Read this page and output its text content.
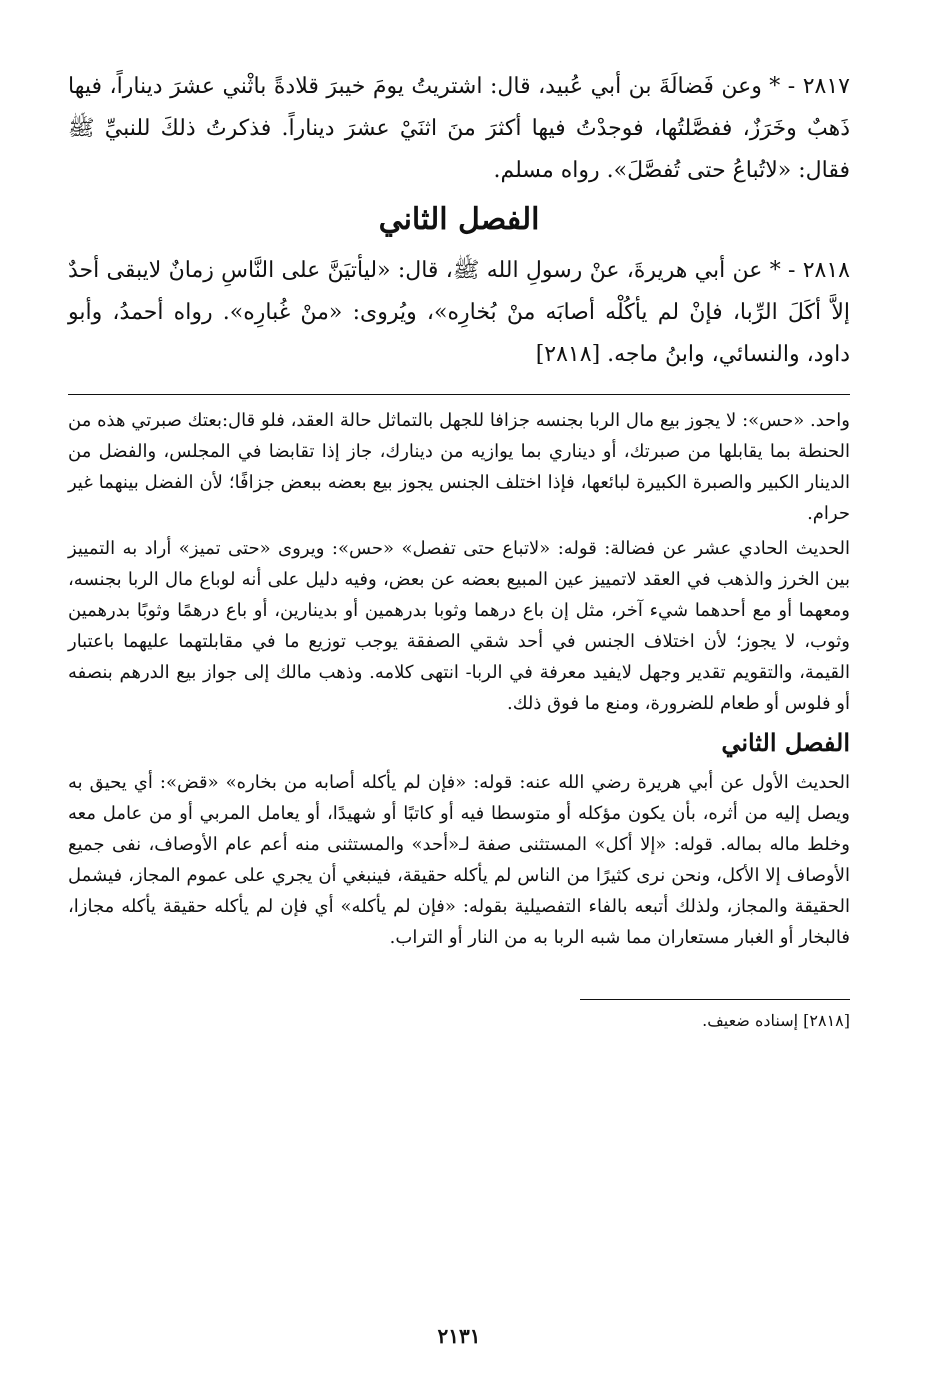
٢٨١٧ - * وعن فَضالَةَ بن أبي عُبيد، قال: اشتريتُ يومَ خيبرَ قلادةً باثْني عشرَ ديناراً، فيها ذَهبٌ وخَرَزٌ، ففصَّلتُها، فوجدْتُ فيها أكثرَ منَ اثنَيْ عشرَ ديناراً. فذكرتُ ذلكَ للنبيِّ ﷺ فقال: «لاتُباعُ حتى تُفصَّلَ». رواه مسلم.

الفصل الثاني

٢٨١٨ - * عن أبي هريرةَ، عنْ رسولِ الله ﷺ، قال: «ليأتيَنَّ على النَّاسِ زمانٌ لايبقى أحدٌ إلاَّ أكَلَ الرِّبا، فإنْ لم يأكُلْه أصابَه منْ بُخارِه»، ويُروى: «منْ غُبارِه». رواه أحمدُ، وأبو داود، والنسائي، وابنُ ماجه. [٢٨١٨]

واحد. «حس»: لا يجوز بيع مال الربا بجنسه جزافا للجهل بالتماثل حالة العقد، فلو قال:بعتك صبرتي هذه من الحنطة بما يقابلها من صبرتك، أو ديناري بما يوازيه من دينارك، جاز إذا تقابضا في المجلس، والفضل من الدينار الكبير والصبرة الكبيرة لبائعها، فإذا اختلف الجنس يجوز بيع بعضه ببعض جزافًا؛ لأن الفضل بينهما غير حرام.

الحديث الحادي عشر عن فضالة: قوله: «لاتباع حتى تفصل» «حس»: ويروى «حتى تميز» أراد به التمييز بين الخرز والذهب في العقد لاتمييز عين المبيع بعضه عن بعض، وفيه دليل على أنه لوباع مال الربا بجنسه، ومعهما أو مع أحدهما شيء آخر، مثل إن باع درهما وثوبا بدرهمين أو بدينارين، أو باع درهمًا وثوبًا بدرهمين وثوب، لا يجوز؛ لأن اختلاف الجنس في أحد شقي الصفقة يوجب توزيع ما في مقابلتهما عليهما باعتبار القيمة، والتقويم تقدير وجهل لايفيد معرفة في الربا- انتهى كلامه. وذهب مالك إلى جواز بيع الدرهم بنصفه أو فلوس أو طعام للضرورة، ومنع ما فوق ذلك.

الفصل الثاني

الحديث الأول عن أبي هريرة رضي الله عنه: قوله: «فإن لم يأكله أصابه من بخاره» «قض»: أي يحيق به ويصل إليه من أثره، بأن يكون مؤكله أو متوسطا فيه أو كاتبًا أو شهيدًا، أو يعامل المربي أو من عامل معه وخلط ماله بماله. قوله: «إلا أكل» المستثنى صفة لـ«أحد» والمستثنى منه أعم عام الأوصاف، نفى جميع الأوصاف إلا الأكل، ونحن نرى كثيرًا من الناس لم يأكله حقيقة، فينبغي أن يجري على عموم المجاز، فيشمل الحقيقة والمجاز، ولذلك أتبعه بالفاء التفصيلية بقوله: «فإن لم يأكله» أي فإن لم يأكله حقيقة يأكله مجازا، فالبخار أو الغبار مستعاران مما شبه الربا به من النار أو التراب.

[٢٨١٨] إسناده ضعيف.

٢١٣١
